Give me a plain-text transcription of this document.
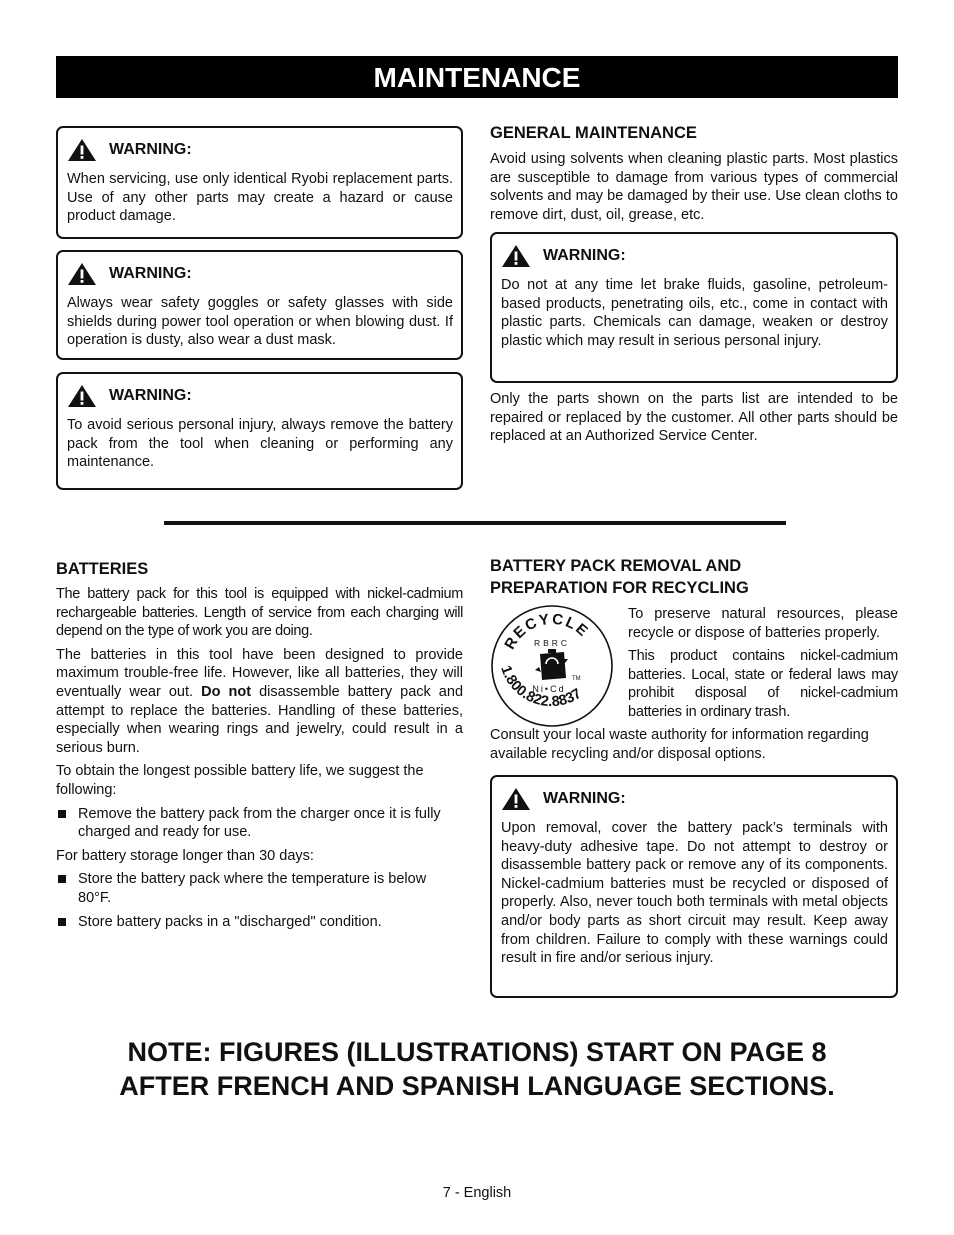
MAINTENANCE
WARNING:

When servicing, use only identical Ryobi replacement parts. Use of any other parts may create a hazard or cause product damage.

WARNING:

Always wear safety goggles or safety glasses with side shields during power tool operation or when blowing dust. If operation is dusty, also wear a dust mask.

WARNING:

To avoid serious personal injury, always remove the battery pack from the tool when cleaning or performing any maintenance.

GENERAL MAINTENANCE

Avoid using solvents when cleaning plastic parts. Most plastics are susceptible to damage from various types of commercial solvents and may be damaged by their use. Use clean cloths to remove dirt, dust, oil, grease, etc.

WARNING:

Do not at any time let brake fluids, gasoline, petroleum-based products, penetrating oils, etc., come in contact with plastic parts. Chemicals can damage, weaken or destroy plastic which may result in serious personal injury.

Only the parts shown on the parts list are intended to be repaired or replaced by the customer. All other parts should be replaced at an Authorized Service Center.

BATTERIES

The battery pack for this tool is equipped with nickel-cadmium rechargeable batteries. Length of service from each charging will depend on the type of work you are doing.

The batteries in this tool have been designed to provide maximum trouble-free life. However, like all batteries, they will eventually wear out. Do not disassemble battery pack and attempt to replace the batteries. Handling of these batteries, especially when wearing rings and jewelry, could result in a serious burn.

To obtain the longest possible battery life, we suggest the following:

Remove the battery pack from the charger once it is fully charged and ready for use.

For battery storage longer than 30 days:

Store the battery pack where the temperature is below 80°F.
Store battery packs in a "discharged" condition.
BATTERY PACK REMOVAL AND
PREPARATION FOR RECYCLING
RECYCLE
RBRC
Ni•Cd
TM
1.800.822.8837

To preserve natural resources, please recycle or dispose of batteries properly.

This product contains nickel-cadmium batteries. Local, state or federal laws may prohibit disposal of nickel-cadmium batteries in ordinary trash.

Consult your local waste authority for information regarding available recycling and/or disposal options.

WARNING:

Upon removal, cover the battery pack’s terminals with heavy-duty adhesive tape. Do not attempt to destroy or disassemble battery pack or remove any of its components. Nickel-cadmium batteries must be recycled or disposed of properly. Also, never touch both terminals with metal objects and/or body parts as short circuit may result. Keep away from children. Failure to comply with these warnings could result in fire and/or serious injury.

NOTE: FIGURES (ILLUSTRATIONS) START ON PAGE 8
AFTER FRENCH AND SPANISH LANGUAGE SECTIONS.
7 - English
